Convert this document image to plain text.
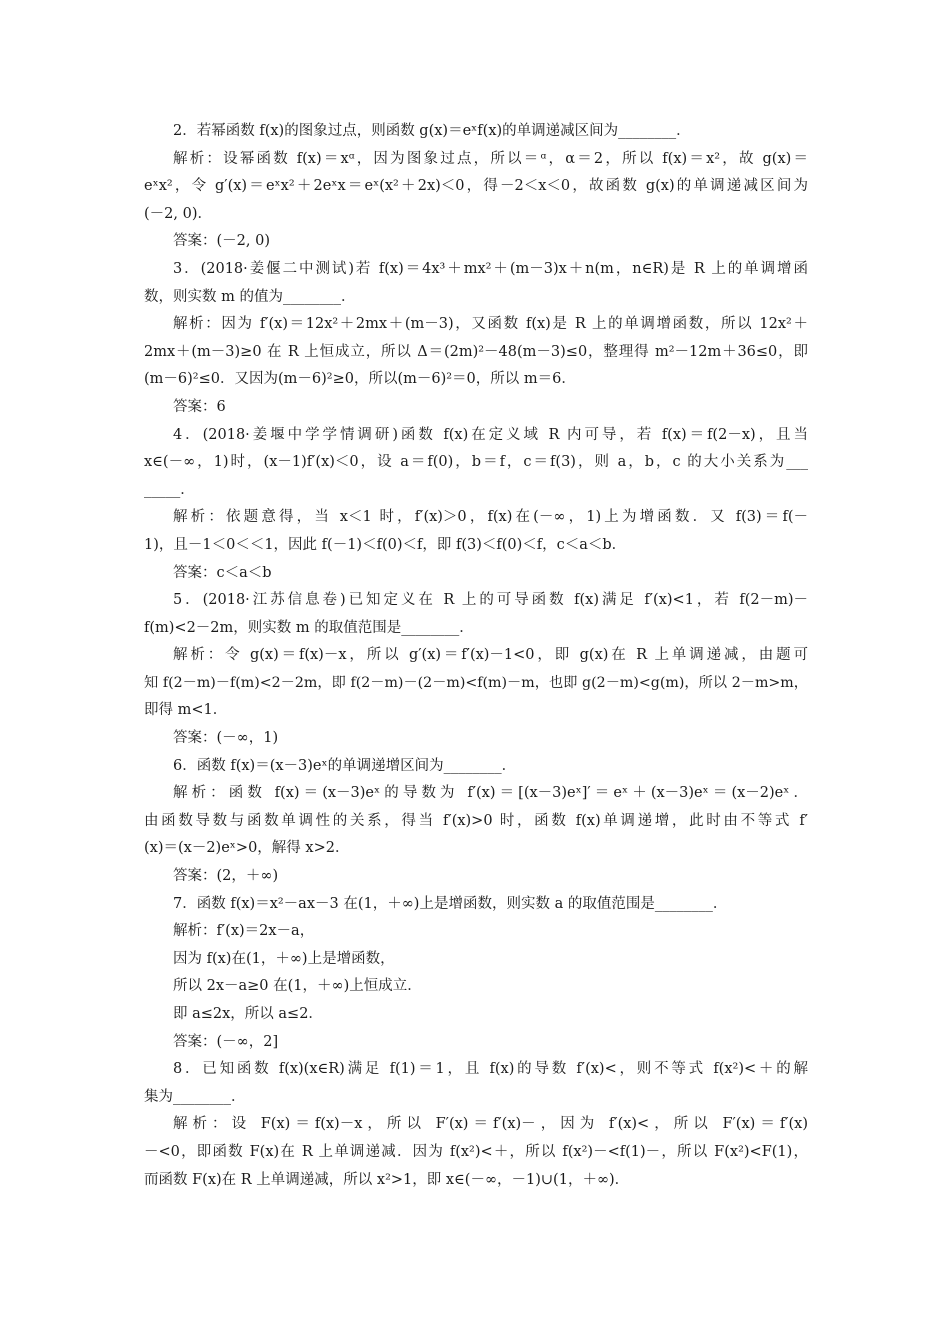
2．若幂函数 f(x)的图象过点，则函数 g(x)＝eˣf(x)的单调递减区间为________．
解析：设幂函数 f(x)＝xᵅ，因为图象过点，所以＝ᵅ，α＝2，所以 f(x)＝x²，故 g(x)＝
eˣx²，令 g′(x)＝eˣx²＋2eˣx＝eˣ(x²＋2x)＜0，得－2＜x＜0，故函数 g(x)的单调递减区间为
(－2, 0)．
答案：(－2, 0)
3．(2018·姜偃二中测试)若 f(x)＝4x³＋mx²＋(m－3)x＋n(m，n∈R)是 R 上的单调增函
数，则实数 m 的值为________．
解析：因为 f′(x)＝12x²＋2mx＋(m－3)，又函数 f(x)是 R 上的单调增函数，所以 12x²＋
2mx＋(m－3)≥0 在 R 上恒成立，所以 Δ＝(2m)²－48(m－3)≤0，整理得 m²－12m＋36≤0，即
(m－6)²≤0．又因为(m－6)²≥0，所以(m－6)²＝0，所以 m＝6．
答案：6
4．(2018·姜堰中学学情调研)函数 f(x)在定义域 R 内可导，若 f(x)＝f(2－x)，且当
x∈(－∞，1)时，(x－1)f′(x)＜0，设 a＝f(0)，b＝f，c＝f(3)，则 a，b，c 的大小关系为___
_____．
解析：依题意得，当 x＜1 时，f′(x)＞0，f(x)在(－∞，1)上为增函数．又 f(3)＝f(－
1)，且－1＜0＜＜1，因此 f(－1)＜f(0)＜f，即 f(3)＜f(0)＜f，c＜a＜b．
答案：c＜a＜b
5．(2018·江苏信息卷)已知定义在 R 上的可导函数 f(x)满足 f′(x)<1，若 f(2－m)－
f(m)<2－2m，则实数 m 的取值范围是________．
解析：令 g(x)＝f(x)－x，所以 g′(x)＝f′(x)－1<0，即 g(x)在 R 上单调递减，由题可
知 f(2－m)－f(m)<2－2m，即 f(2－m)－(2－m)<f(m)－m，也即 g(2－m)<g(m)，所以 2－m>m，
即得 m<1．
答案：(－∞，1)
6．函数 f(x)＝(x－3)eˣ的单调递增区间为________．
解析：函数 f(x)＝(x－3)eˣ的导数为 f′(x)＝[(x－3)eˣ]′＝eˣ＋(x－3)eˣ＝(x－2)eˣ．
由函数导数与函数单调性的关系，得当 f′(x)>0 时，函数 f(x)单调递增，此时由不等式 f′
(x)＝(x－2)eˣ>0，解得 x>2．
答案：(2，＋∞)
7．函数 f(x)＝x²－ax－3 在(1，＋∞)上是增函数，则实数 a 的取值范围是________．
解析：f′(x)＝2x－a，
因为 f(x)在(1，＋∞)上是增函数，
所以 2x－a≥0 在(1，＋∞)上恒成立．
即 a≤2x，所以 a≤2．
答案：(－∞，2]
8．已知函数 f(x)(x∈R)满足 f(1)＝1，且 f(x)的导数 f′(x)<，则不等式 f(x²)<＋的解
集为________．
解析：设 F(x)＝f(x)－x，所以 F′(x)＝f′(x)－，因为 f′(x)<，所以 F′(x)＝f′(x)
－<0，即函数 F(x)在 R 上单调递减．因为 f(x²)<＋，所以 f(x²)－<f(1)－，所以 F(x²)<F(1)，
而函数 F(x)在 R 上单调递减，所以 x²>1，即 x∈(－∞，－1)∪(1，＋∞)．
